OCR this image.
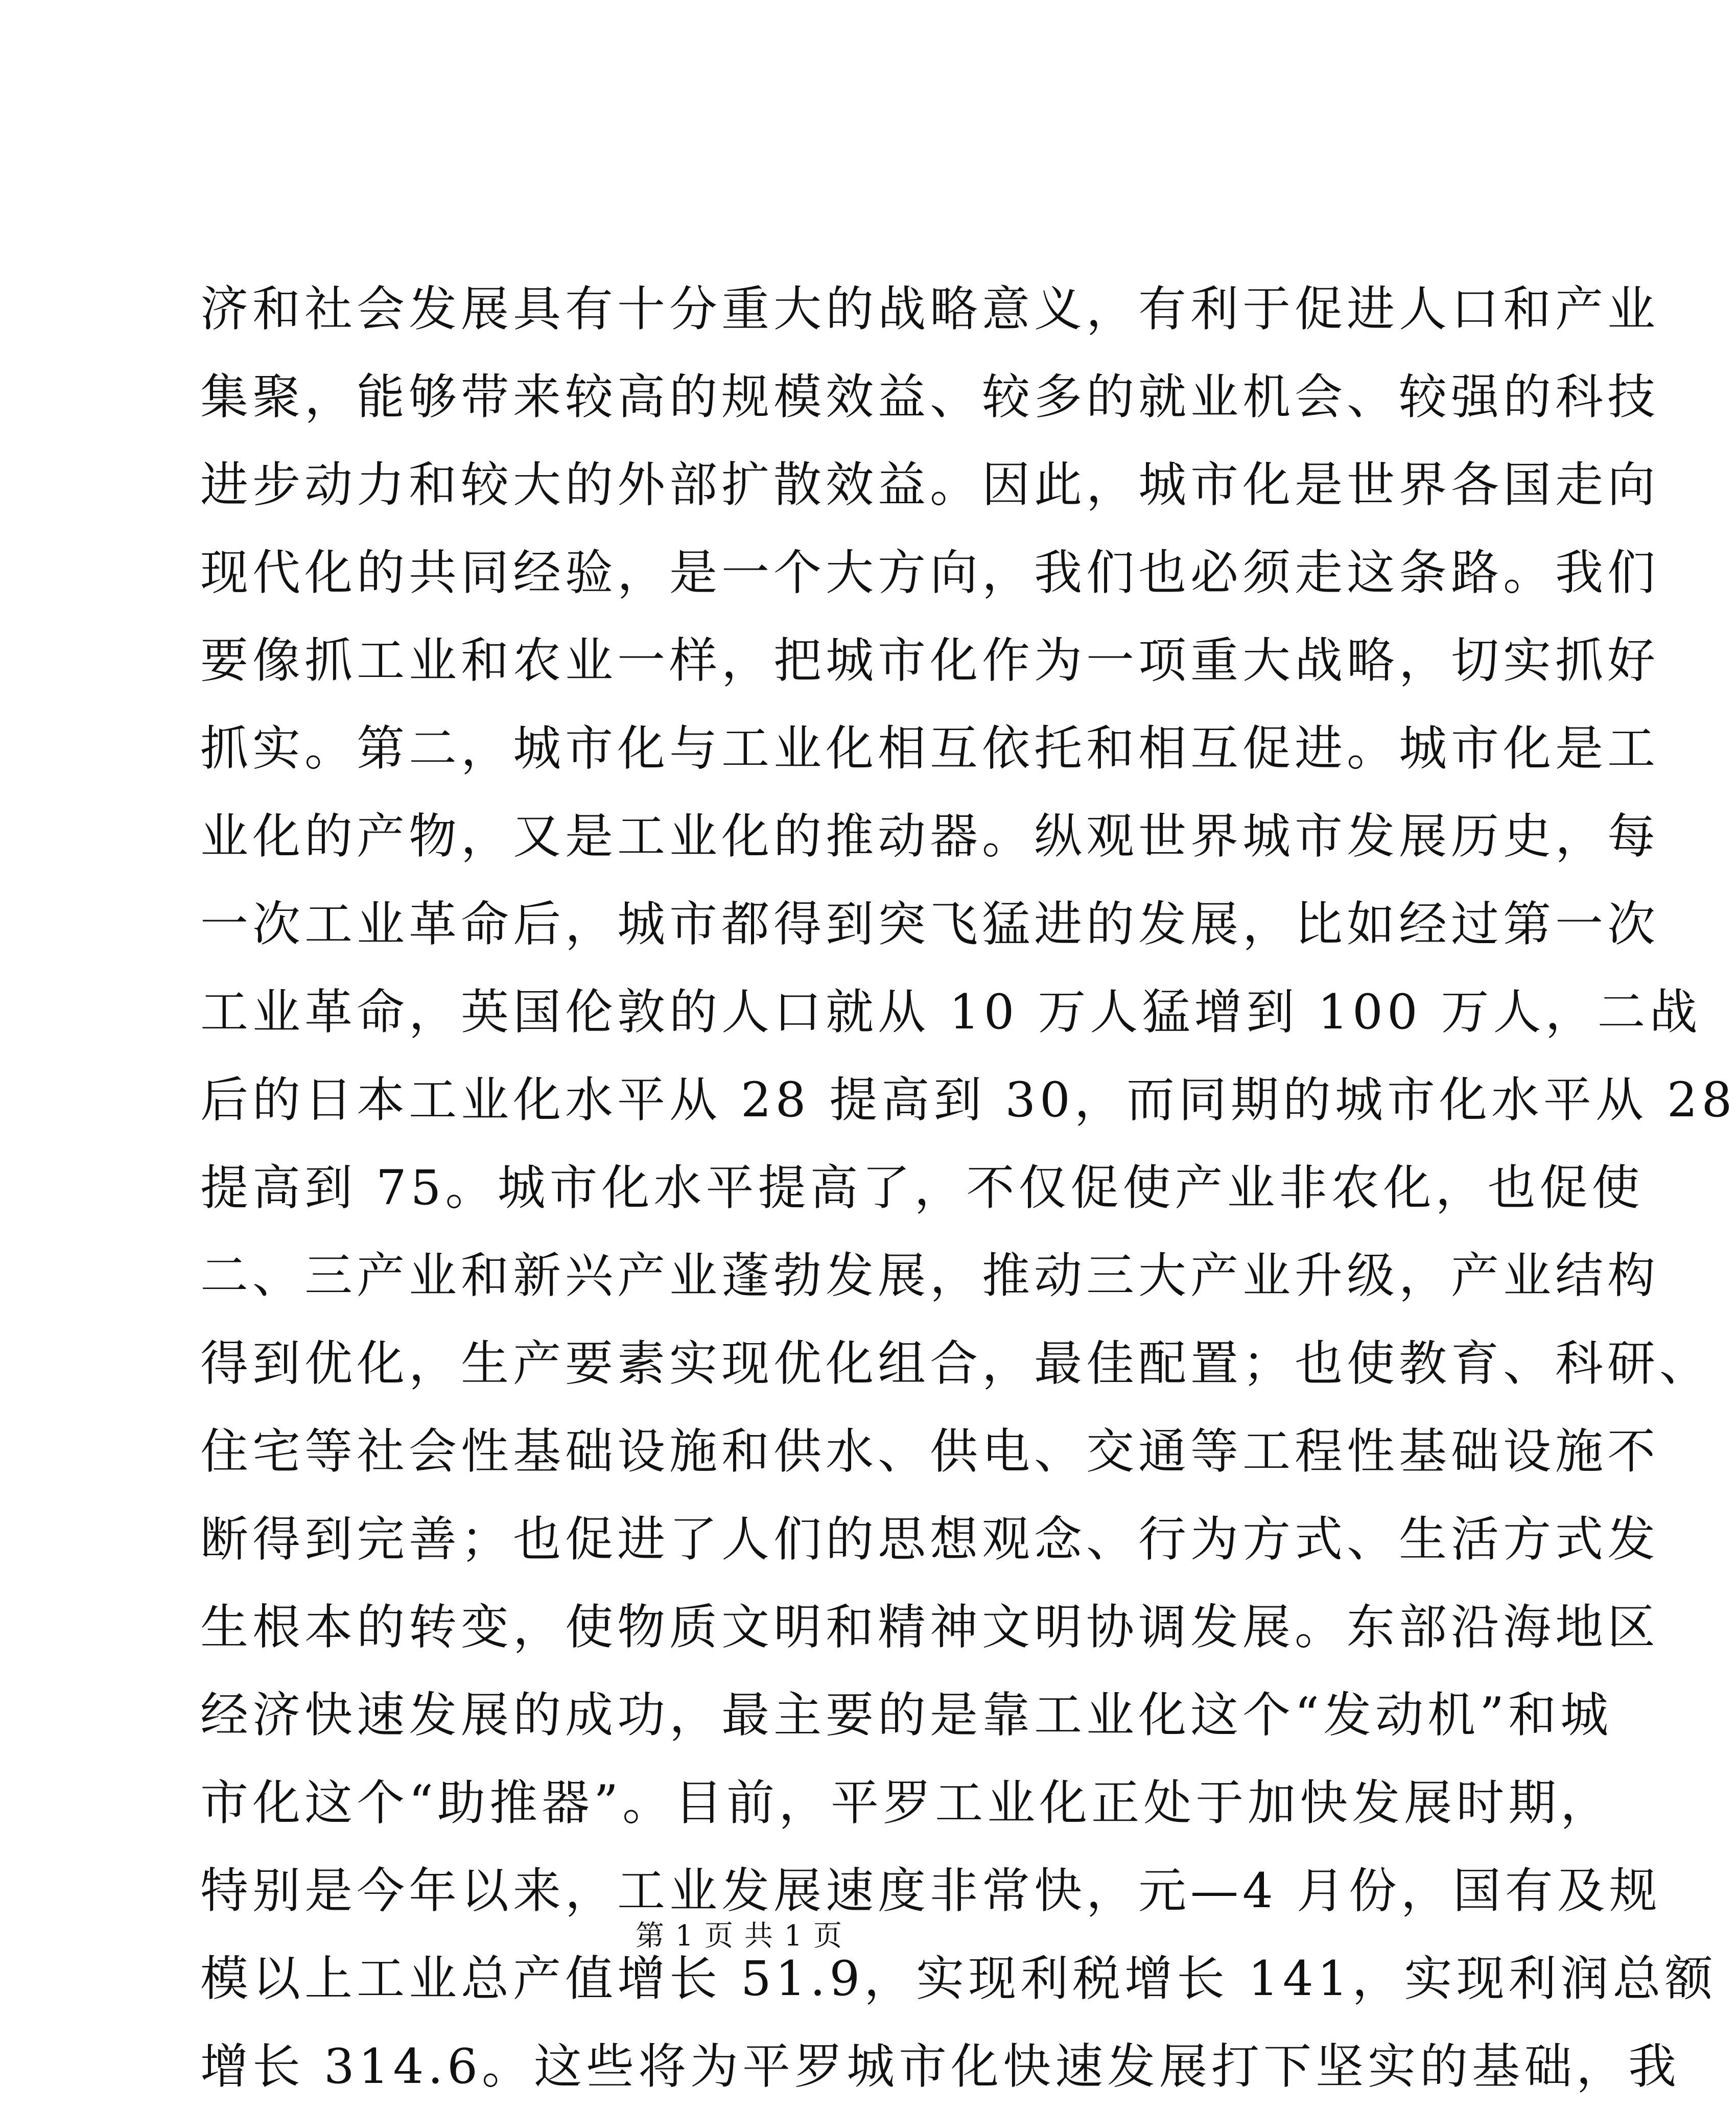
济和社会发展具有十分重大的战略意义，有利于促进人口和产业
集聚，能够带来较高的规模效益、较多的就业机会、较强的科技
进步动力和较大的外部扩散效益。因此，城市化是世界各国走向
现代化的共同经验，是一个大方向，我们也必须走这条路。我们
要像抓工业和农业一样，把城市化作为一项重大战略，切实抓好
抓实。第二，城市化与工业化相互依托和相互促进。城市化是工
业化的产物，又是工业化的推动器。纵观世界城市发展历史，每
一次工业革命后，城市都得到突飞猛进的发展，比如经过第一次
工业革命，英国伦敦的人口就从 10 万人猛增到 100 万人，二战
后的日本工业化水平从 28 提高到 30，而同期的城市化水平从 28
提高到 75。城市化水平提高了，不仅促使产业非农化，也促使
二、三产业和新兴产业蓬勃发展，推动三大产业升级，产业结构
得到优化，生产要素实现优化组合，最佳配置；也使教育、科研、
住宅等社会性基础设施和供水、供电、交通等工程性基础设施不
断得到完善；也促进了人们的思想观念、行为方式、生活方式发
生根本的转变，使物质文明和精神文明协调发展。东部沿海地区
经济快速发展的成功，最主要的是靠工业化这个“发动机”和城
市化这个“助推器”。目前，平罗工业化正处于加快发展时期，
特别是今年以来，工业发展速度非常快，元—4 月份，国有及规
模以上工业总产值增长 51.9，实现利税增长 141，实现利润总额
增长 314.6。这些将为平罗城市化快速发展打下坚实的基础，我
第 1 页 共 1 页
